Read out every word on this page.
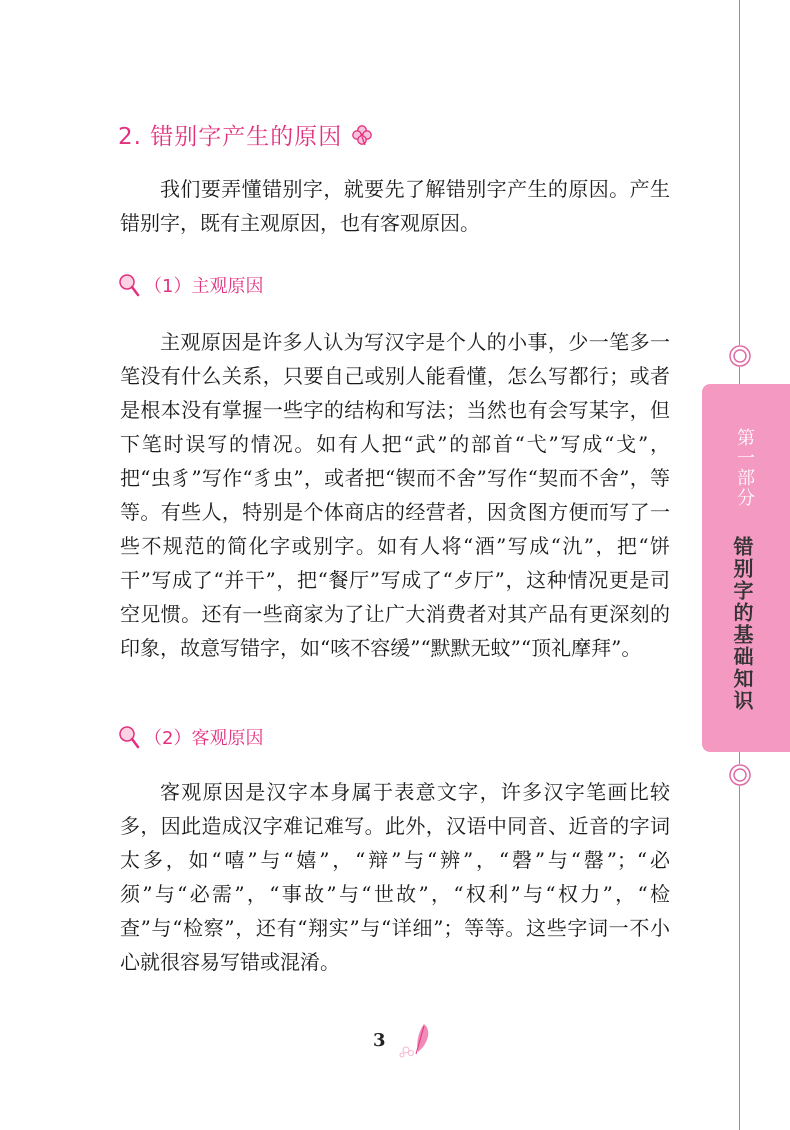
第一部分
错别字的基础知识
2. 错别字产生的原因

我们要弄懂错别字，就要先了解错别字产生的原因。产生错别字，既有主观原因，也有客观原因。

（1）主观原因

主观原因是许多人认为写汉字是个人的小事，少一笔多一笔没有什么关系，只要自己或别人能看懂，怎么写都行；或者是根本没有掌握一些字的结构和写法；当然也有会写某字，但下笔时误写的情况。如有人把“武”的部首“弋”写成“戈”，把“虫豸”写作“豸虫”，或者把“锲而不舍”写作“契而不舍”，等等。有些人，特别是个体商店的经营者，因贪图方便而写了一些不规范的简化字或别字。如有人将“酒”写成“氿”，把“饼干”写成了“并干”，把“餐厅”写成了“歺厅”，这种情况更是司空见惯。还有一些商家为了让广大消费者对其产品有更深刻的印象，故意写错字，如“咳不容缓”“默默无蚊”“顶礼摩拜”。

（2）客观原因

客观原因是汉字本身属于表意文字，许多汉字笔画比较多，因此造成汉字难记难写。此外，汉语中同音、近音的字词太多，如“嘻”与“嬉”，“辩”与“辨”，“磬”与“罄”；“必须”与“必需”，“事故”与“世故”，“权利”与“权力”，“检查”与“检察”，还有“翔实”与“详细”；等等。这些字词一不小心就很容易写错或混淆。

3
